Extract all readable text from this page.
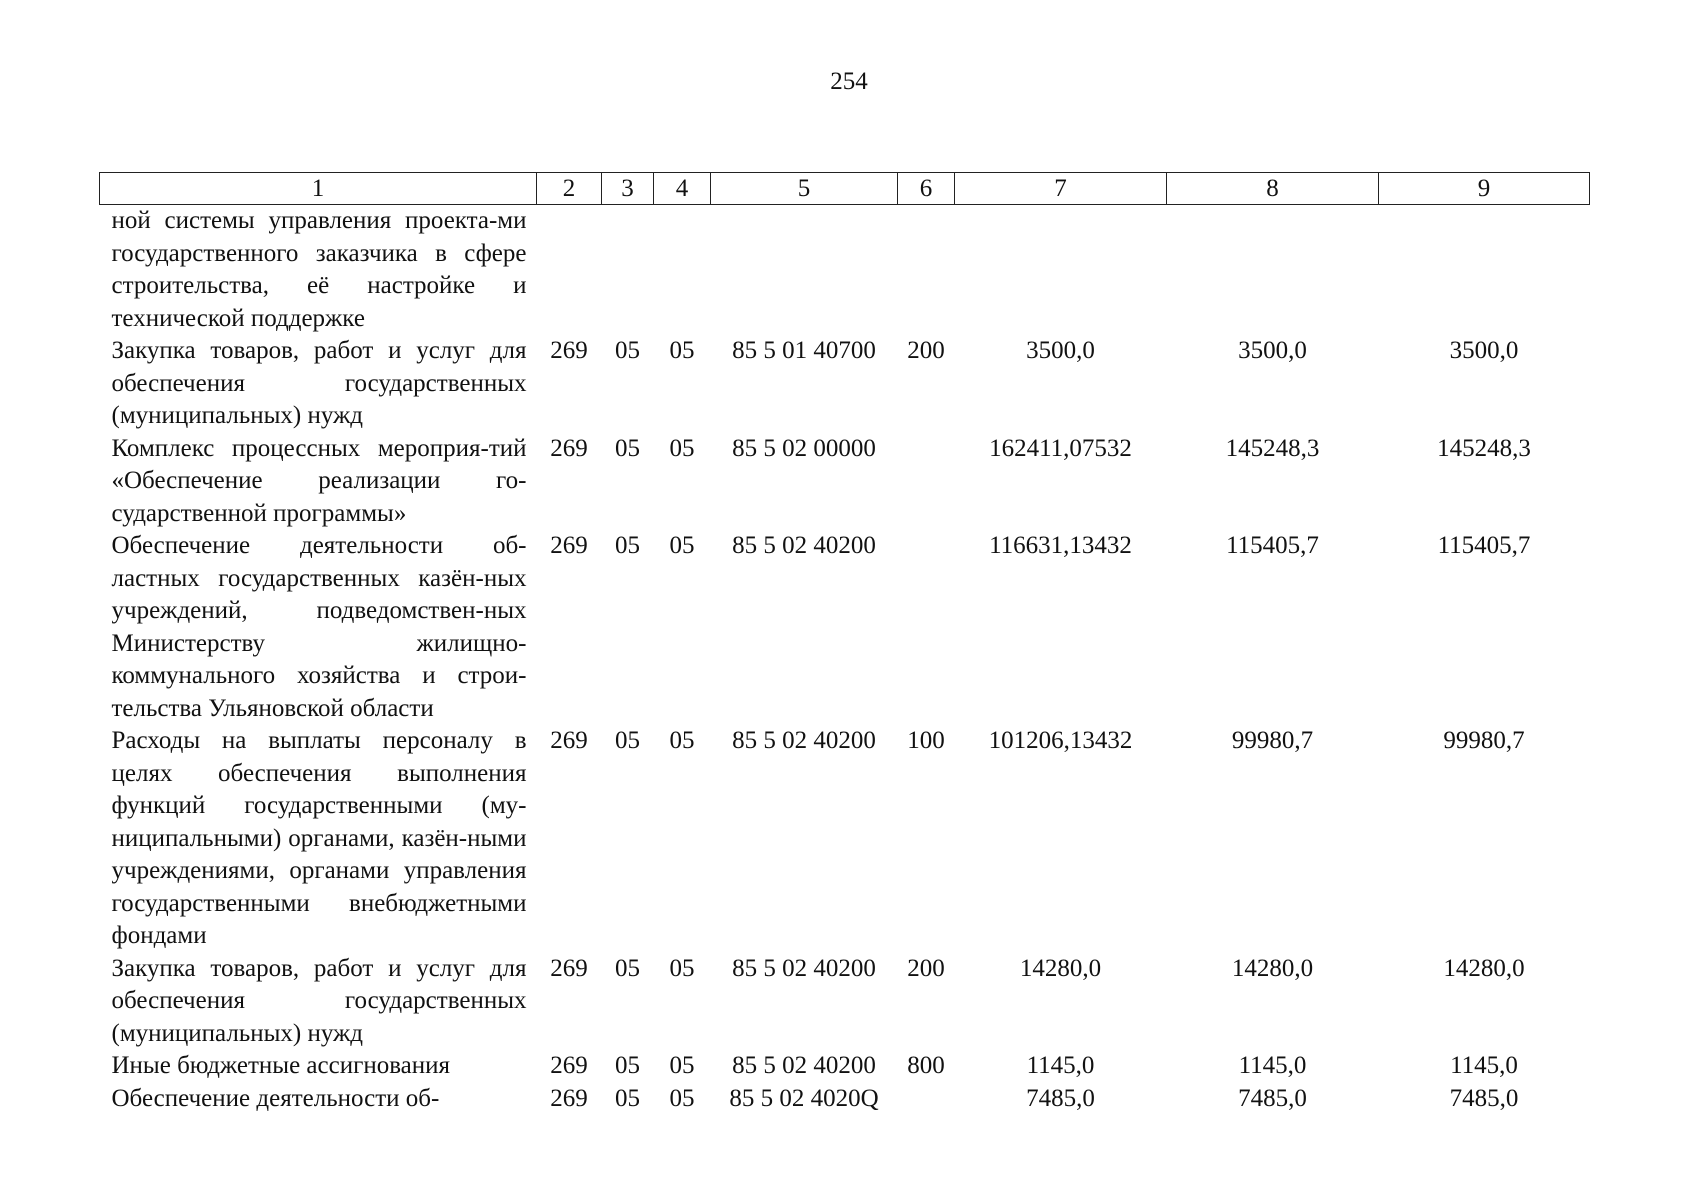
254
1	2	3	4	5	6	7	8	9
ной системы управления проекта-ми государственного заказчика в сфере строительства, её настройке и технической поддержке								
Закупка товаров, работ и услуг для обеспечения государственных (муниципальных) нужд	269	05	05	85 5 01 40700	200	3500,0	3500,0	3500,0
Комплекс процессных мероприя-тий «Обеспечение реализации го-сударственной программы»	269	05	05	85 5 02 00000		162411,07532	145248,3	145248,3
Обеспечение деятельности об-ластных государственных казён-ных учреждений, подведомствен-ных Министерству жилищно-коммунального хозяйства и строи-тельства Ульяновской области	269	05	05	85 5 02 40200		116631,13432	115405,7	115405,7
Расходы на выплаты персоналу в целях обеспечения выполнения функций государственными (му-ниципальными) органами, казён-ными учреждениями, органами управления государственными внебюджетными фондами	269	05	05	85 5 02 40200	100	101206,13432	99980,7	99980,7
Закупка товаров, работ и услуг для обеспечения государственных (муниципальных) нужд	269	05	05	85 5 02 40200	200	14280,0	14280,0	14280,0
Иные бюджетные ассигнования	269	05	05	85 5 02 40200	800	1145,0	1145,0	1145,0
Обеспечение деятельности об-	269	05	05	85 5 02 4020Q		7485,0	7485,0	7485,0
